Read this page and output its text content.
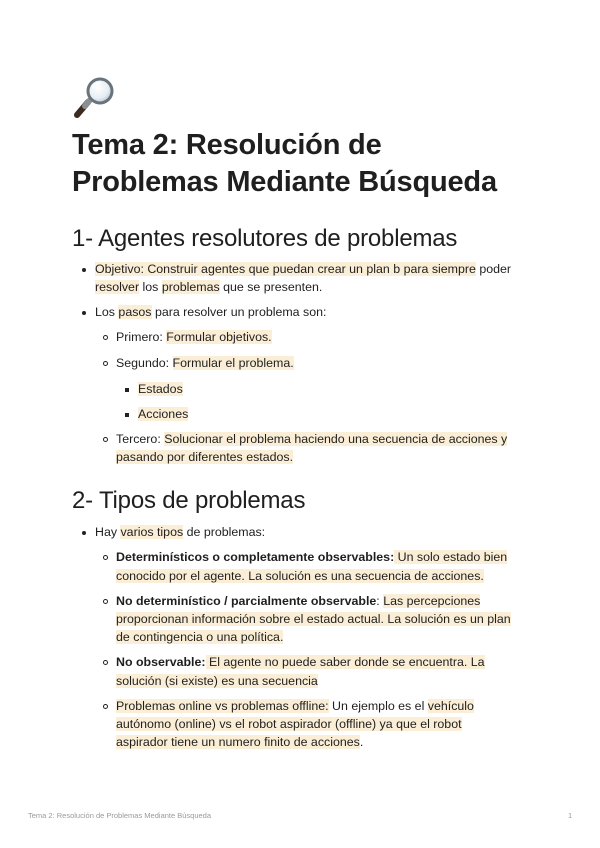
Tema 2: Resolución de
Problemas Mediante Búsqueda
1- Agentes resolutores de problemas
Objetivo: Construir agentes que puedan crear un plan b para siempre poder
resolver los problemas que se presenten.
Los pasos para resolver un problema son:
Primero: Formular objetivos.
Segundo: Formular el problema.
Estados
Acciones
Tercero: Solucionar el problema haciendo una secuencia de acciones y
pasando por diferentes estados.
2- Tipos de problemas
Hay varios tipos de problemas:
Determinísticos o completamente observables: Un solo estado bien
conocido por el agente. La solución es una secuencia de acciones.
No determinístico / parcialmente observable: Las percepciones
proporcionan información sobre el estado actual. La solución es un plan
de contingencia o una política.
No observable: El agente no puede saber donde se encuentra. La
solución (si existe) es una secuencia
Problemas online vs problemas offline: Un ejemplo es el vehículo
autónomo (online) vs el robot aspirador (offline) ya que el robot
aspirador tiene un numero finito de acciones.
Tema 2: Resolución de Problemas Mediante Búsqueda	1
